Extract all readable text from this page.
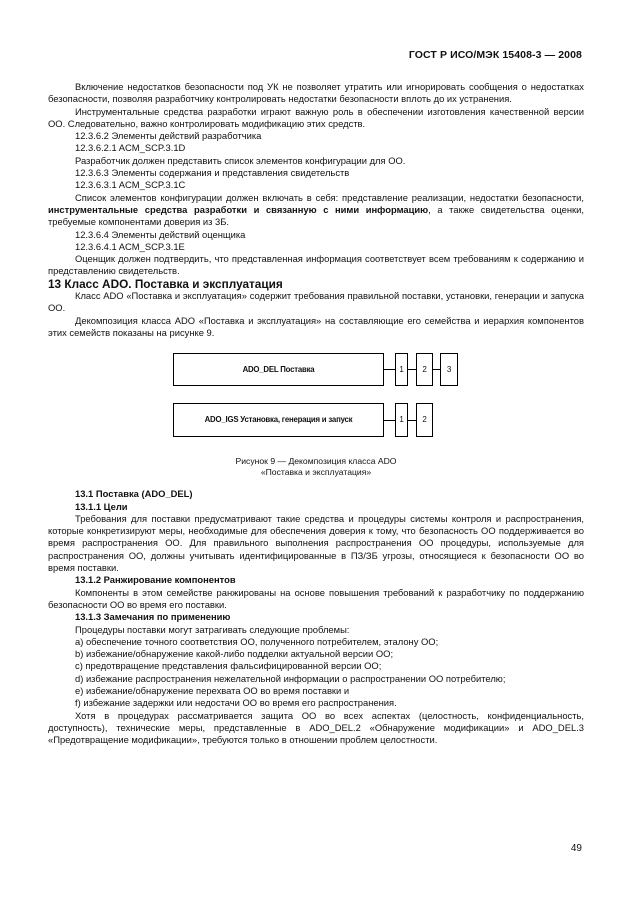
ГОСТ Р ИСО/МЭК 15408-3 — 2008

Включение недостатков безопасности под УК не позволяет утратить или игнорировать сообщения о недостатках безопасности, позволяя разработчику контролировать недостатки безопасности вплоть до их устранения.

Инструментальные средства разработки играют важную роль в обеспечении изготовления качественной версии ОО. Следовательно, важно контролировать модификацию этих средств.

12.3.6.2 Элементы действий разработчика

12.3.6.2.1 ACM_SCP.3.1D

Разработчик должен представить список элементов конфигурации для ОО.

12.3.6.3 Элементы содержания и представления свидетельств

12.3.6.3.1 ACM_SCP.3.1C

Список элементов конфигурации должен включать в себя: представление реализации, недостатки безопасности, инструментальные средства разработки и связанную с ними информацию, а также свидетельства оценки, требуемые компонентами доверия из 3Б.

12.3.6.4 Элементы действий оценщика

12.3.6.4.1 ACM_SCP.3.1E

Оценщик должен подтвердить, что представленная информация соответствует всем требованиям к содержанию и представлению свидетельств.

13 Класс ADO. Поставка и эксплуатация

Класс ADO «Поставка и эксплуатация» содержит требования правильной поставки, установки, генерации и запуска ОО.

Декомпозиция класса ADO «Поставка и эксплуатация» на составляющие его семейства и иерархия компонентов этих семейств показаны на рисунке 9.

ADO_DEL Поставка	1 2	3
ADO_IGS Установка, генерация и запуск	1 2
Рисунок 9 — Декомпозиция класса ADO
«Поставка и эксплуатация»

13.1 Поставка (ADO_DEL)

13.1.1 Цели

Требования для поставки предусматривают такие средства и процедуры системы контроля и распространения, которые конкретизируют меры, необходимые для обеспечения доверия к тому, что безопасность ОО поддерживается во время распространения ОО. Для правильного выполнения распространения ОО процедуры, используемые для распространения ОО, должны учитывать идентифицированные в ПЗ/ЗБ угрозы, относящиеся к безопасности ОО во время поставки.

13.1.2 Ранжирование компонентов

Компоненты в этом семействе ранжированы на основе повышения требований к разработчику по поддержанию безопасности ОО во время его поставки.

13.1.3 Замечания по применению

Процедуры поставки могут затрагивать следующие проблемы:

a) обеспечение точного соответствия ОО, полученного потребителем, эталону ОО;

b) избежание/обнаружение какой-либо подделки актуальной версии ОО;

c) предотвращение представления фальсифицированной версии ОО;

d) избежание распространения нежелательной информации о распространении ОО потребителю;

e) избежание/обнаружение перехвата ОО во время поставки и

f) избежание задержки или недостачи ОО во время его распространения.

Хотя в процедурах рассматривается защита ОО во всех аспектах (целостность, конфиденциальность, доступность), технические меры, представленные в ADO_DEL.2 «Обнаружение модификации» и ADO_DEL.3 «Предотвращение модификации», требуются только в отношении проблем целостности.

49
